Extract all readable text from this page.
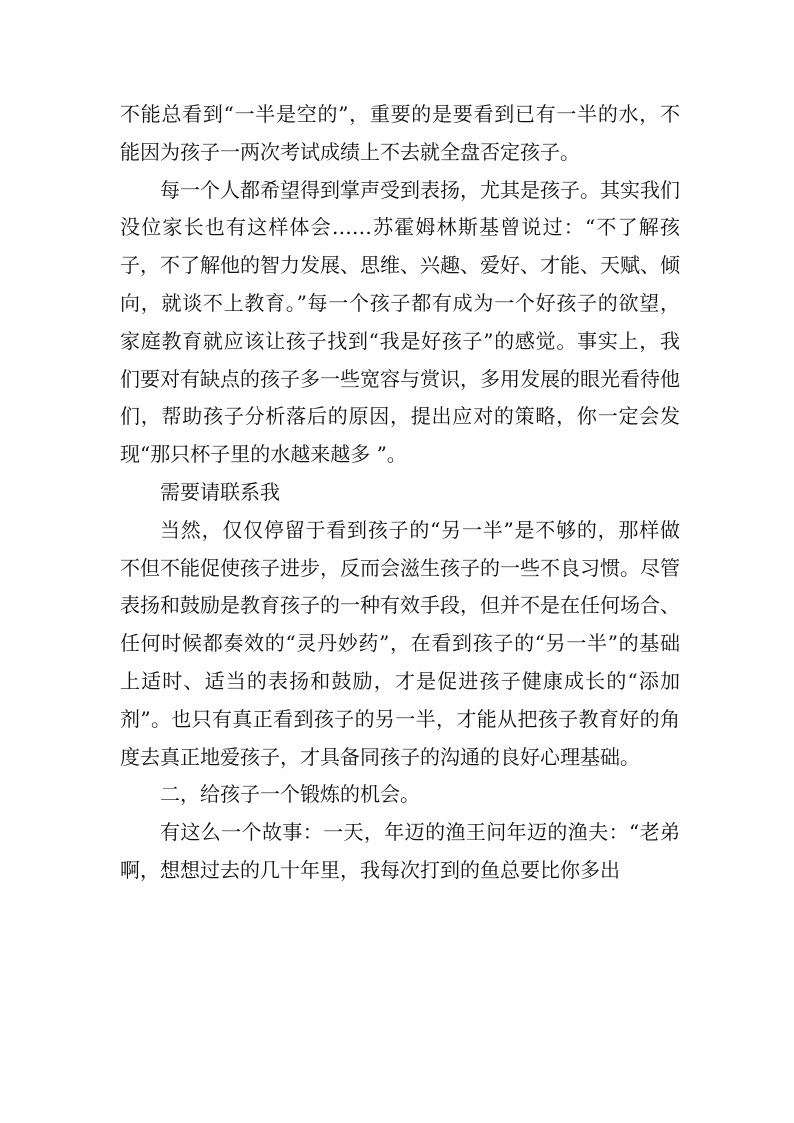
不能总看到“一半是空的”，重要的是要看到已有一半的水，不能因为孩子一两次考试成绩上不去就全盘否定孩子。

每一个人都希望得到掌声受到表扬，尤其是孩子。其实我们没位家长也有这样体会……苏霍姆林斯基曾说过：“不了解孩子，不了解他的智力发展、思维、兴趣、爱好、才能、天赋、倾向，就谈不上教育。”每一个孩子都有成为一个好孩子的欲望，家庭教育就应该让孩子找到“我是好孩子”的感觉。事实上，我们要对有缺点的孩子多一些宽容与赏识，多用发展的眼光看待他们，帮助孩子分析落后的原因，提出应对的策略，你一定会发现“那只杯子里的水越来越多 ”。

需要请联系我

当然，仅仅停留于看到孩子的“另一半”是不够的，那样做不但不能促使孩子进步，反而会滋生孩子的一些不良习惯。尽管表扬和鼓励是教育孩子的一种有效手段，但并不是在任何场合、任何时候都奏效的“灵丹妙药”，在看到孩子的“另一半”的基础上适时、适当的表扬和鼓励，才是促进孩子健康成长的“添加剂”。也只有真正看到孩子的另一半，才能从把孩子教育好的角度去真正地爱孩子，才具备同孩子的沟通的良好心理基础。

二，给孩子一个锻炼的机会。

有这么一个故事：一天，年迈的渔王问年迈的渔夫：“老弟啊，想想过去的几十年里，我每次打到的鱼总要比你多出
